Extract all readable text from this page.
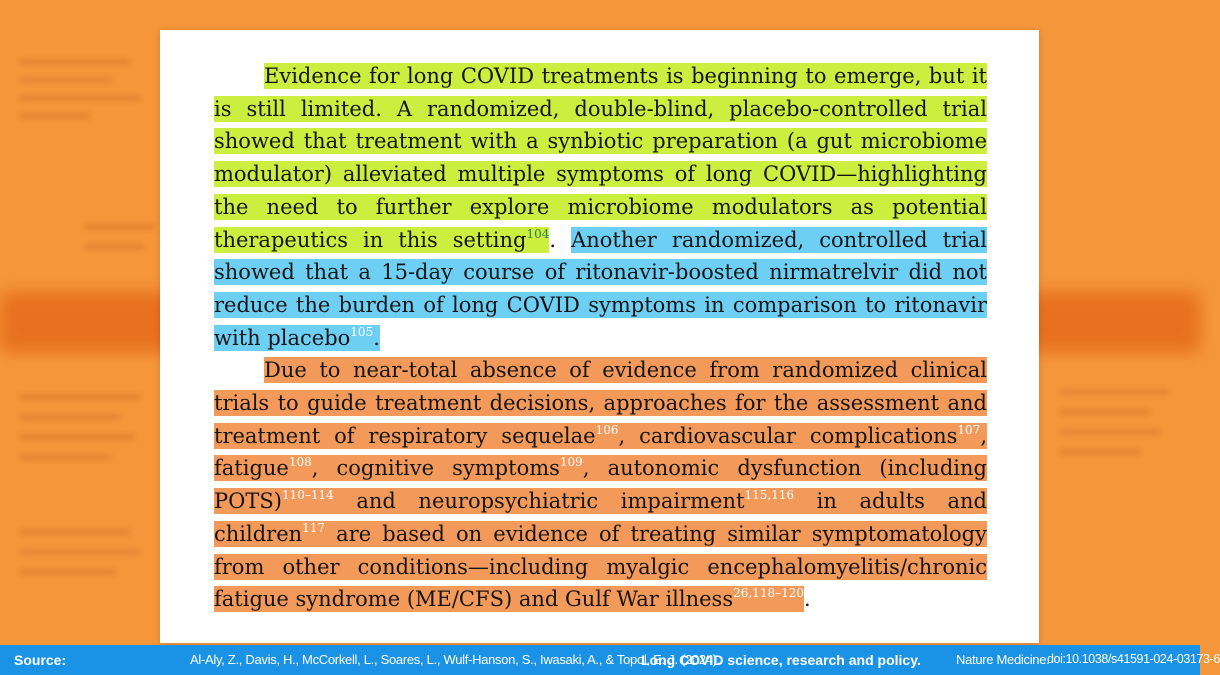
Evidence for long COVID treatments is beginning to emerge, but it is still limited. A randomized, double-blind, placebo-controlled trial showed that treatment with a synbiotic preparation (a gut microbiome modulator) alleviated multiple symptoms of long COVID—highlighting the need to further explore microbiome modulators as potential therapeutics in this setting$^{104}$. Another randomized, controlled trial showed that a 15-day course of ritonavir-boosted nirmatrelvir did not reduce the burden of long COVID symptoms in comparison to ritonavir with placebo$^{105}$.

Due to near-total absence of evidence from randomized clinical trials to guide treatment decisions, approaches for the assessment and treatment of respiratory sequelae$^{106}$, cardiovascular complications$^{107}$, fatigue$^{108}$, cognitive symptoms$^{109}$, autonomic dysfunction (including POTS)$^{110-114}$ and neuropsychiatric impairment$^{115,116}$ in adults and children$^{117}$ are based on evidence of treating similar symptomatology from other conditions—including myalgic encephalomyelitis/chronic fatigue syndrome (ME/CFS) and Gulf War illness$^{26,118-120}$.

Source:	Al-Aly, Z., Davis, H., McCorkell, L., Soares, L., Wulf-Hanson, S., Iwasaki, A., & Topol, E. J. (2024).
Long COVID science, research and policy.	Nature Medicine.
doi:10.1038/s41591-024-03173-6
